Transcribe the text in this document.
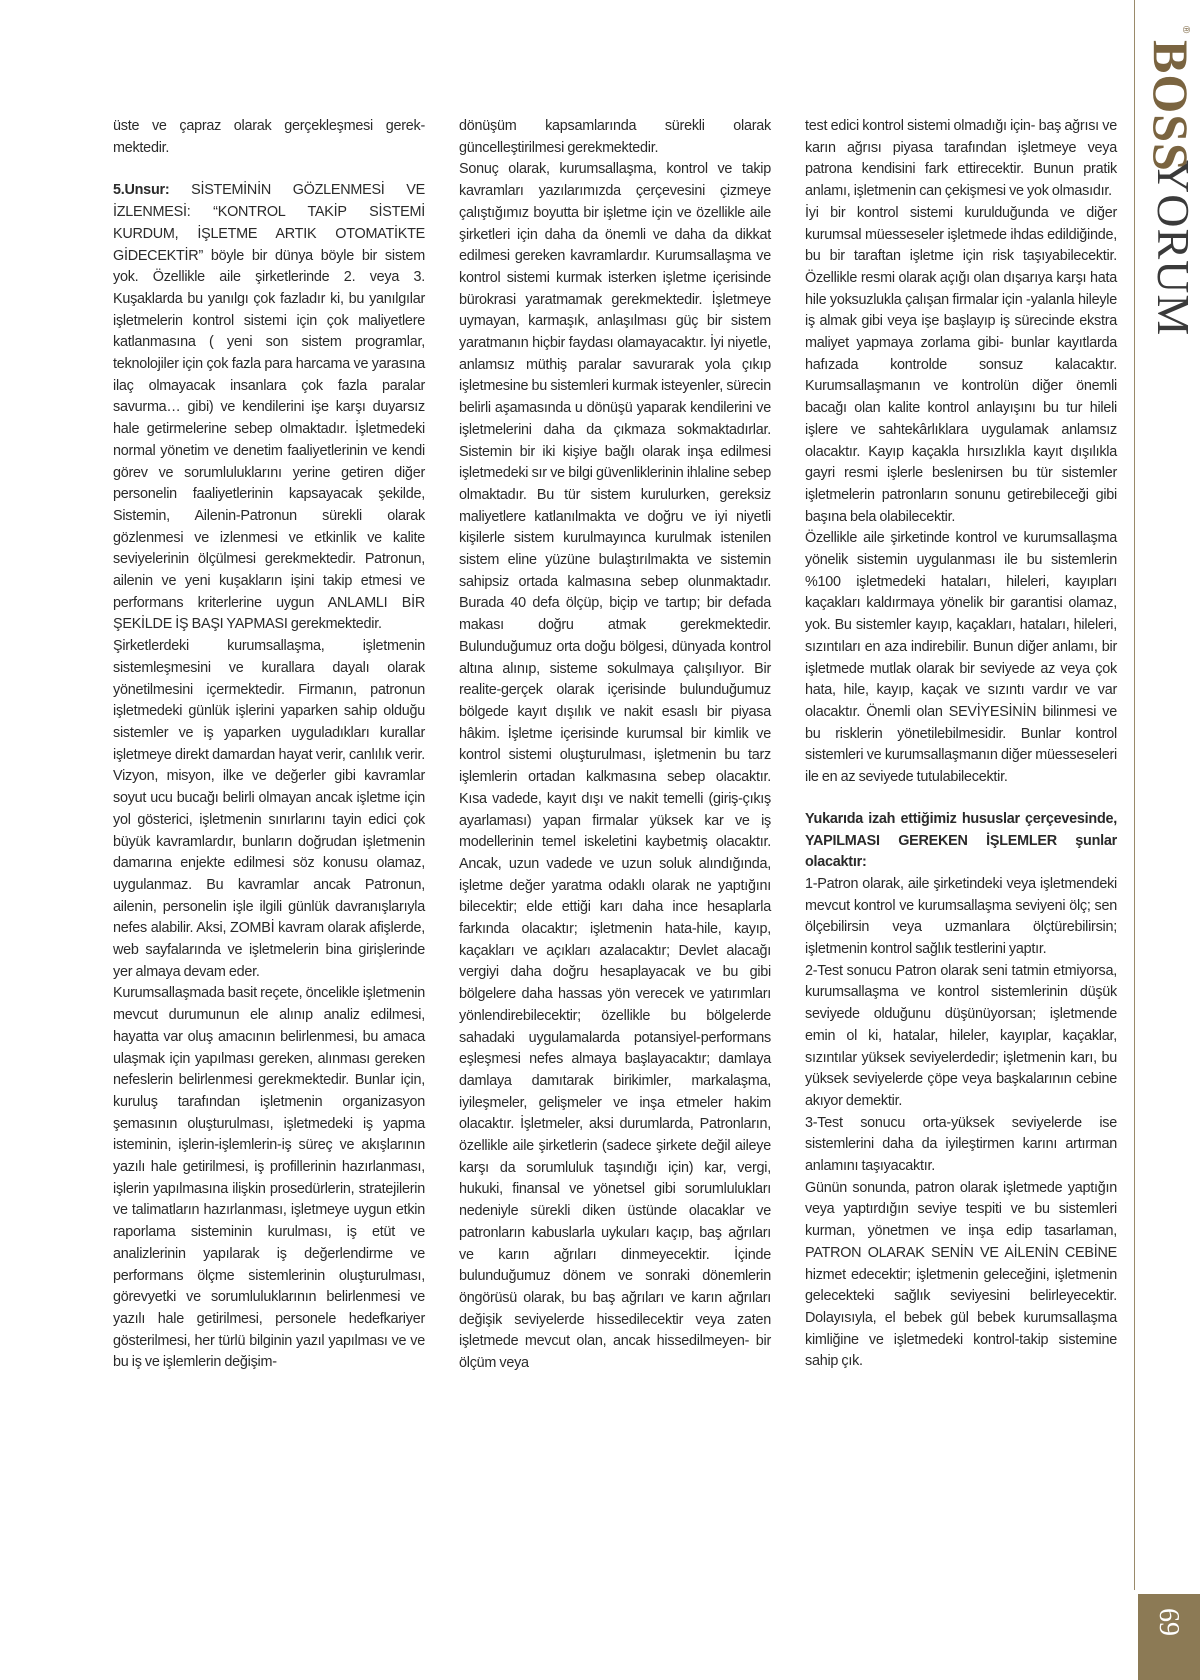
üste ve çapraz olarak gerçekleşmesi gerek-mektedir.

5.Unsur: SİSTEMİNİN GÖZLENMESİ VE İZLENMESİ: “KONTROL TAKİP SİSTEMİ KURDUM, İŞLETME ARTIK OTOMATİKTE GİDECEKTİR” böyle bir dünya böyle bir sistem yok. Özellikle aile şirketlerinde 2. veya 3. Kuşaklarda bu yanılgı çok fazladır ki, bu yanılgılar işletmelerin kontrol sistemi için çok maliyetlere katlanmasına ( yeni son sistem programlar, teknolojiler için çok fazla para harcama ve yarasına ilaç olmayacak insanlara çok fazla paralar savurma… gibi) ve kendilerini işe karşı duyarsız hale getirmelerine sebep olmaktadır. İşletmedeki normal yönetim ve denetim faaliyetlerinin ve kendi görev ve sorumluluklarını yerine getiren diğer personelin faaliyetlerinin kapsayacak şekilde, Sistemin, Ailenin-Patronun sürekli olarak gözlenmesi ve izlenmesi ve etkinlik ve kalite seviyelerinin ölçülmesi gerekmektedir. Patronun, ailenin ve yeni kuşakların işini takip etmesi ve performans kriterlerine uygun ANLAMLI BİR ŞEKİLDE İŞ BAŞI YAPMASI gerekmektedir.

Şirketlerdeki kurumsallaşma, işletmenin sistemleşmesini ve kurallara dayalı olarak yönetilmesini içermektedir. Firmanın, patronun işletmedeki günlük işlerini yaparken sahip olduğu sistemler ve iş yaparken uyguladıkları kurallar işletmeye direkt damardan hayat verir, canlılık verir. Vizyon, misyon, ilke ve değerler gibi kavramlar soyut ucu bucağı belirli olmayan ancak işletme için yol gösterici, işletmenin sınırlarını tayin edici çok büyük kavramlardır, bunların doğrudan işletmenin damarına enjekte edilmesi söz konusu olamaz, uygulanmaz. Bu kavramlar ancak Patronun, ailenin, personelin işle ilgili günlük davranışlarıyla nefes alabilir. Aksi, ZOMBİ kavram olarak afişlerde, web sayfalarında ve işletmelerin bina girişlerinde yer almaya devam eder.

Kurumsallaşmada basit reçete, öncelikle işletmenin mevcut durumunun ele alınıp analiz edilmesi, hayatta var oluş amacının belirlenmesi, bu amaca ulaşmak için yapılması gereken, alınması gereken nefeslerin belirlenmesi gerekmektedir. Bunlar için, kuruluş tarafından işletmenin organizasyon şemasının oluşturulması, işletmedeki iş yapma isteminin, işlerin-işlemlerin-iş süreç ve akışlarının yazılı hale getirilmesi, iş profillerinin hazırlanması, işlerin yapılmasına ilişkin prosedürlerin, stratejilerin ve talimatların hazırlanması, işletmeye uygun etkin raporlama sisteminin kurulması, iş etüt ve analizlerinin yapılarak iş değerlendirme ve performans ölçme sistemlerinin oluşturulması, görevyetki ve sorumluluklarının belirlenmesi ve yazılı hale getirilmesi, personele hedefkariyer gösterilmesi, her türlü bilginin yazıl yapılması ve ve bu iş ve işlemlerin değişim-

dönüşüm kapsamlarında sürekli olarak güncelleştirilmesi gerekmektedir.

Sonuç olarak, kurumsallaşma, kontrol ve takip kavramları yazılarımızda çerçevesini çizmeye çalıştığımız boyutta bir işletme için ve özellikle aile şirketleri için daha da önemli ve daha da dikkat edilmesi gereken kavramlardır. Kurumsallaşma ve kontrol sistemi kurmak isterken işletme içerisinde bürokrasi yaratmamak gerekmektedir. İşletmeye uymayan, karmaşık, anlaşılması güç bir sistem yaratmanın hiçbir faydası olamayacaktır. İyi niyetle, anlamsız müthiş paralar savurarak yola çıkıp işletmesine bu sistemleri kurmak isteyenler, sürecin belirli aşamasında u dönüşü yaparak kendilerini ve işletmelerini daha da çıkmaza sokmaktadırlar. Sistemin bir iki kişiye bağlı olarak inşa edilmesi işletmedeki sır ve bilgi güvenliklerinin ihlaline sebep olmaktadır. Bu tür sistem kurulurken, gereksiz maliyetlere katlanılmakta ve doğru ve iyi niyetli kişilerle sistem kurulmayınca kurulmak istenilen sistem eline yüzüne bulaştırılmakta ve sistemin sahipsiz ortada kalmasına sebep olunmaktadır. Burada 40 defa ölçüp, biçip ve tartıp; bir defada makası doğru atmak gerekmektedir. Bulunduğumuz orta doğu bölgesi, dünyada kontrol altına alınıp, sisteme sokulmaya çalışılıyor. Bir realite-gerçek olarak içerisinde bulunduğumuz bölgede kayıt dışılık ve nakit esaslı bir piyasa hâkim. İşletme içerisinde kurumsal bir kimlik ve kontrol sistemi oluşturulması, işletmenin bu tarz işlemlerin ortadan kalkmasına sebep olacaktır. Kısa vadede, kayıt dışı ve nakit temelli (giriş-çıkış ayarlaması) yapan firmalar yüksek kar ve iş modellerinin temel iskeletini kaybetmiş olacaktır. Ancak, uzun vadede ve uzun soluk alındığında, işletme değer yaratma odaklı olarak ne yaptığını bilecektir; elde ettiği karı daha ince hesaplarla farkında olacaktır; işletmenin hata-hile, kayıp, kaçakları ve açıkları azalacaktır; Devlet alacağı vergiyi daha doğru hesaplayacak ve bu gibi bölgelere daha hassas yön verecek ve yatırımları yönlendirebilecektir; özellikle bu bölgelerde sahadaki uygulamalarda potansiyel-performans eşleşmesi nefes almaya başlayacaktır; damlaya damlaya damıtarak birikimler, markalaşma, iyileşmeler, gelişmeler ve inşa etmeler hakim olacaktır. İşletmeler, aksi durumlarda, Patronların, özellikle aile şirketlerin (sadece şirkete değil aileye karşı da sorumluluk taşındığı için) kar, vergi, hukuki, finansal ve yönetsel gibi sorumlulukları nedeniyle sürekli diken üstünde olacaklar ve patronların kabuslarla uykuları kaçıp, baş ağrıları ve karın ağrıları dinmeyecektir. İçinde bulunduğumuz dönem ve sonraki dönemlerin öngörüsü olarak, bu baş ağrıları ve karın ağrıları değişik seviyelerde hissedilecektir veya zaten işletmede mevcut olan, ancak hissedilmeyen- bir ölçüm veya

test edici kontrol sistemi olmadığı için- baş ağrısı ve karın ağrısı piyasa tarafından işletmeye veya patrona kendisini fark ettirecektir. Bunun pratik anlamı, işletmenin can çekişmesi ve yok olmasıdır.

İyi bir kontrol sistemi kurulduğunda ve diğer kurumsal müesseseler işletmede ihdas edildiğinde, bu bir taraftan işletme için risk taşıyabilecektir. Özellikle resmi olarak açığı olan dışarıya karşı hata hile yoksuzlukla çalışan firmalar için -yalanla hileyle iş almak gibi veya işe başlayıp iş sürecinde ekstra maliyet yapmaya zorlama gibi- bunlar kayıtlarda hafızada kontrolde sonsuz kalacaktır. Kurumsallaşmanın ve kontrolün diğer önemli bacağı olan kalite kontrol anlayışını bu tur hileli işlere ve sahtekârlıklara uygulamak anlamsız olacaktır. Kayıp kaçakla hırsızlıkla kayıt dışılıkla gayri resmi işlerle beslenirsen bu tür sistemler işletmelerin patronların sonunu getirebileceği gibi başına bela olabilecektir.

Özellikle aile şirketinde kontrol ve kurumsallaşma yönelik sistemin uygulanması ile bu sistemlerin %100 işletmedeki hataları, hileleri, kayıpları kaçakları kaldırmaya yönelik bir garantisi olamaz, yok. Bu sistemler kayıp, kaçakları, hataları, hileleri, sızıntıları en aza indirebilir. Bunun diğer anlamı, bir işletmede mutlak olarak bir seviyede az veya çok hata, hile, kayıp, kaçak ve sızıntı vardır ve var olacaktır. Önemli olan SEVİYESİNİN bilinmesi ve bu risklerin yönetilebilmesidir. Bunlar kontrol sistemleri ve kurumsallaşmanın diğer müesseseleri ile en az seviyede tutulabilecektir.

Yukarıda izah ettiğimiz hususlar çerçevesinde, YAPILMASI GEREKEN İŞLEMLER şunlar olacaktır:

1-Patron olarak, aile şirketindeki veya işletmendeki mevcut kontrol ve kurumsallaşma seviyeni ölç; sen ölçebilirsin veya uzmanlara ölçtürebilirsin; işletmenin kontrol sağlık testlerini yaptır.

2-Test sonucu Patron olarak seni tatmin etmiyorsa, kurumsallaşma ve kontrol sistemlerinin düşük seviyede olduğunu düşünüyorsan; işletmende emin ol ki, hatalar, hileler, kayıplar, kaçaklar, sızıntılar yüksek seviyelerdedir; işletmenin karı, bu yüksek seviyelerde çöpe veya başkalarının cebine akıyor demektir.

3-Test sonucu orta-yüksek seviyelerde ise sistemlerini daha da iyileştirmen karını artırman anlamını taşıyacaktır.

Günün sonunda, patron olarak işletmede yaptığın veya yaptırdığın seviye tespiti ve bu sistemleri kurman, yönetmen ve inşa edip tasarlaman, PATRON OLARAK SENİN VE AİLENİN CEBİNE hizmet edecektir; işletmenin geleceğini, işletmenin gelecekteki sağlık seviyesini belirleyecektir. Dolayısıyla, el bebek gül bebek kurumsallaşma kimliğine ve işletmedeki kontrol-takip sistemine sahip çık.

®
BOSS
YORUM
69
